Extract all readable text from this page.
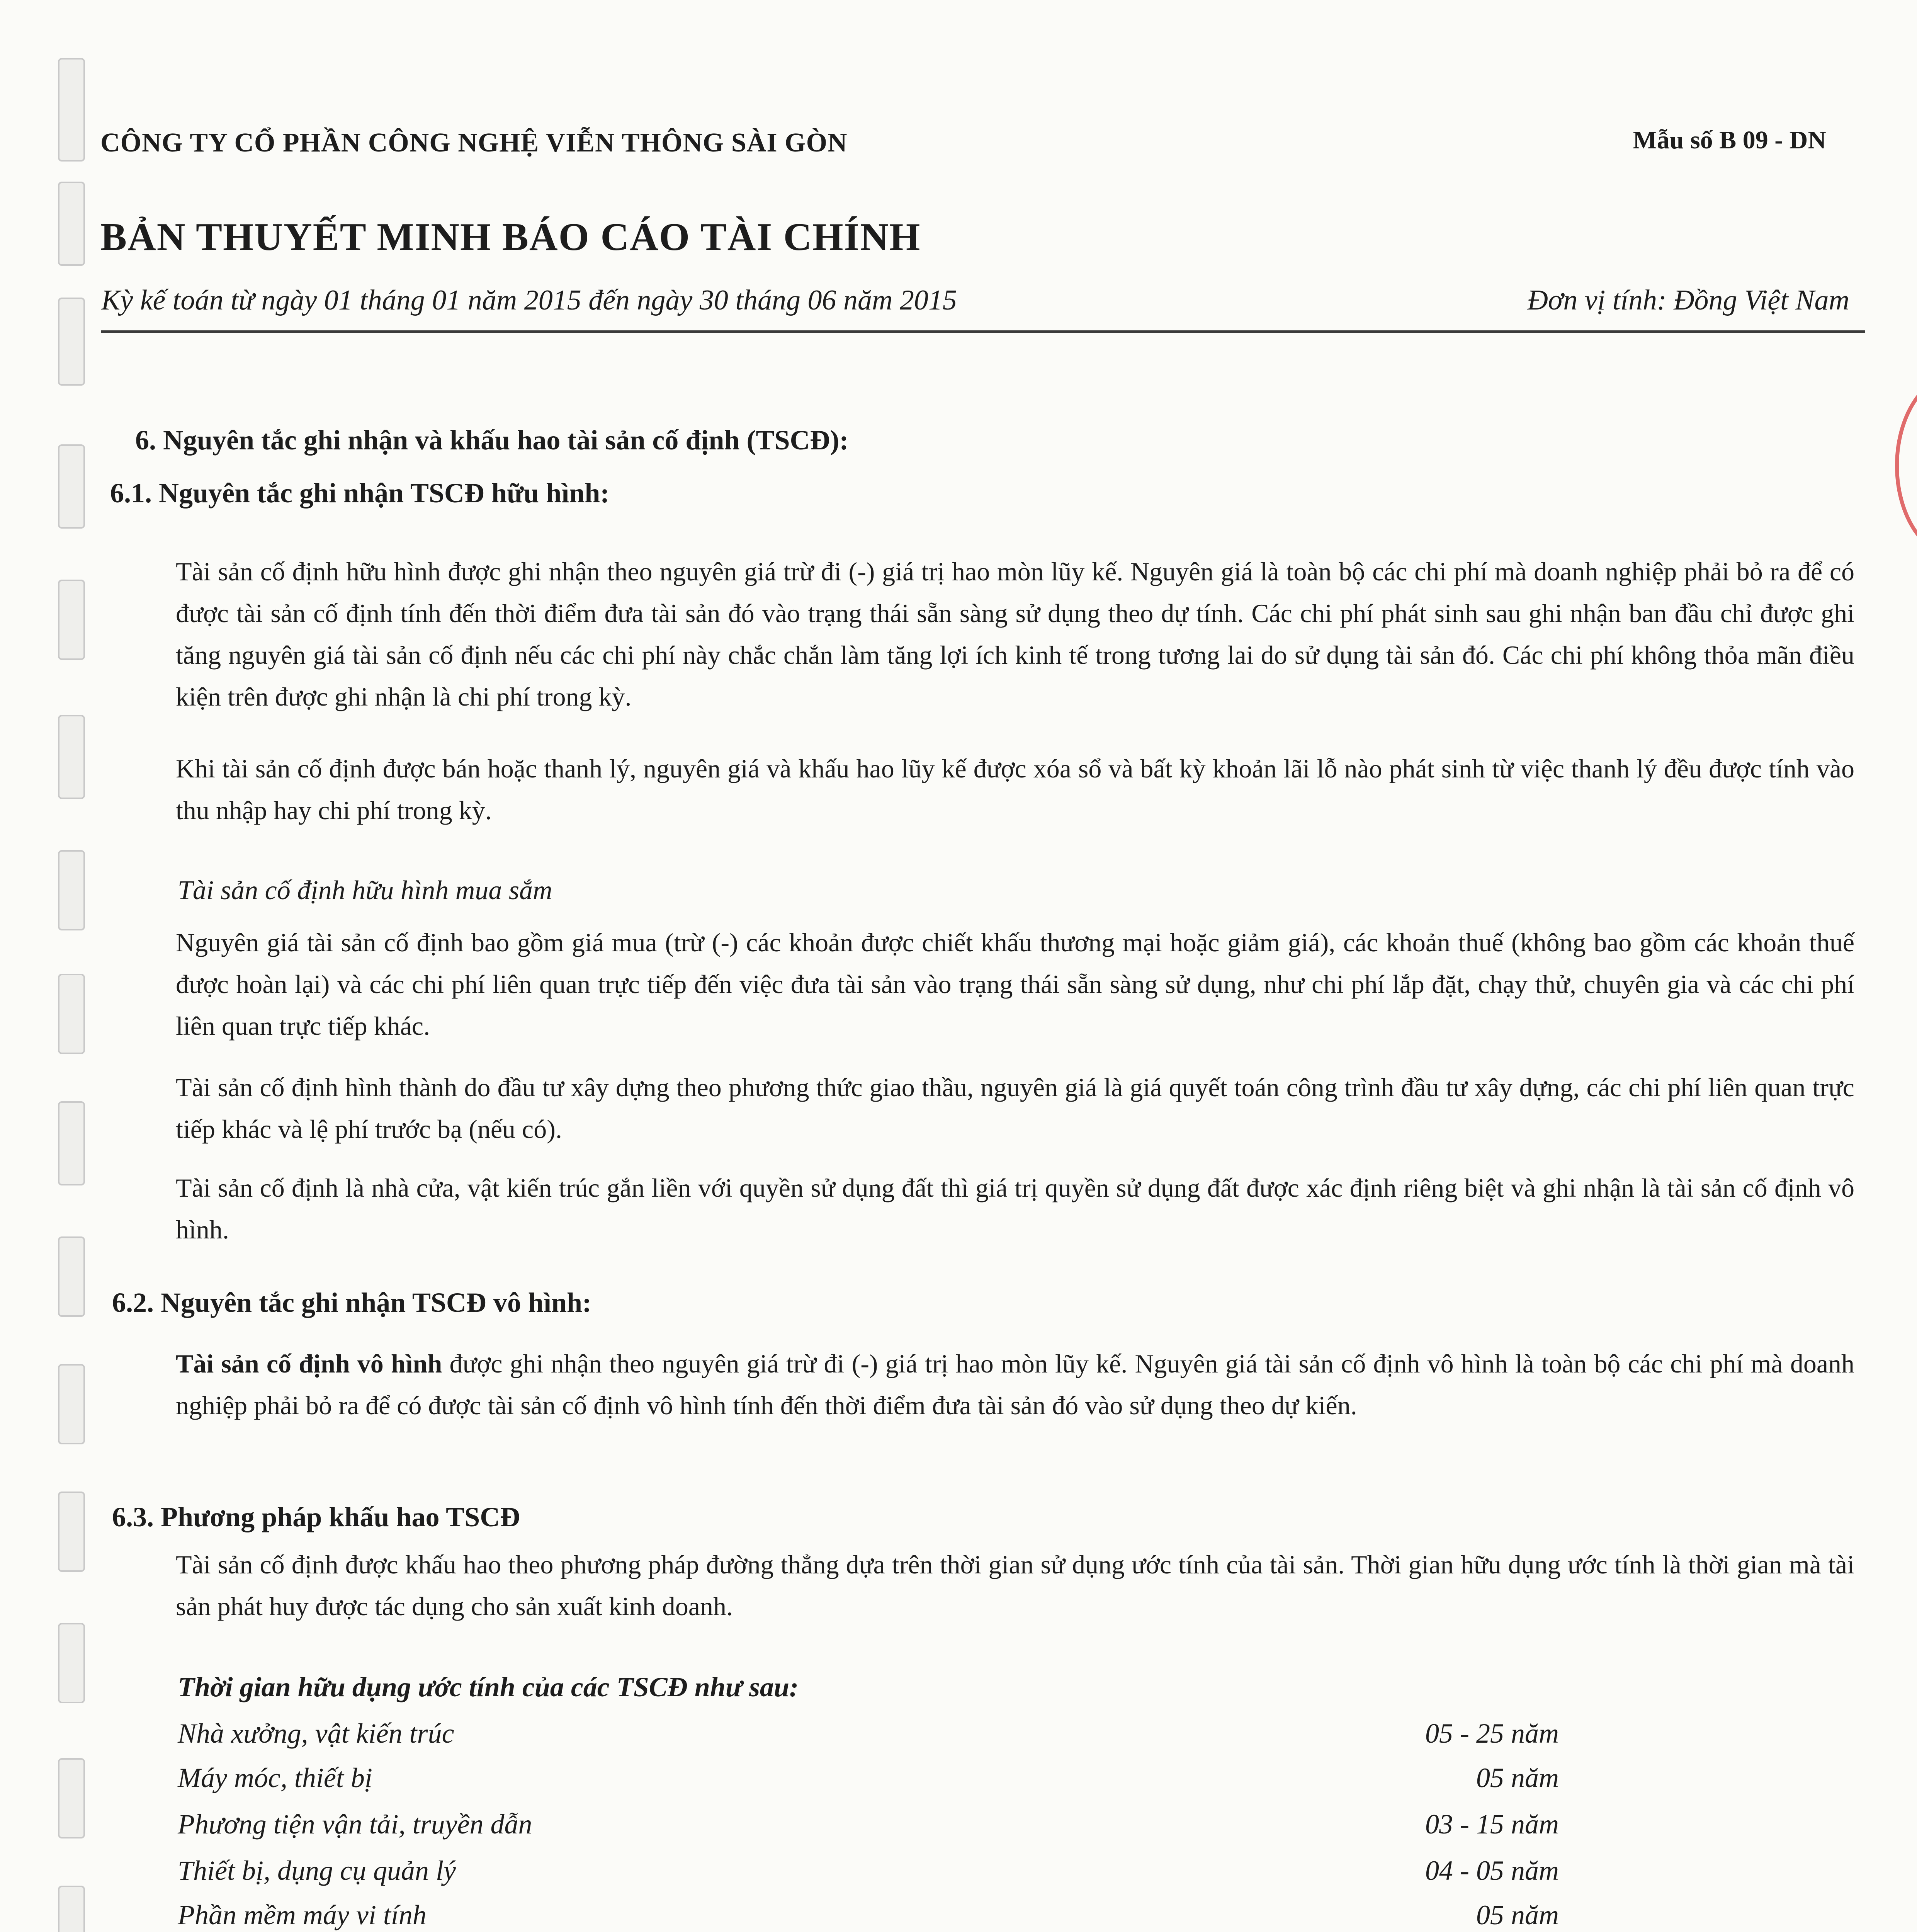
CÔNG TY CỔ PHẦN CÔNG NGHỆ VIỄN THÔNG SÀI GÒN	Mẫu số B 09 - DN
BẢN THUYẾT MINH BÁO CÁO TÀI CHÍNH
Kỳ kế toán từ ngày 01 tháng 01 năm 2015 đến ngày 30 tháng 06 năm 2015	Đơn vị tính: Đồng Việt Nam
6. Nguyên tắc ghi nhận và khấu hao tài sản cố định (TSCĐ):
6.1. Nguyên tắc ghi nhận TSCĐ hữu hình:
Tài sản cố định hữu hình được ghi nhận theo nguyên giá trừ đi (-) giá trị hao mòn lũy kế. Nguyên giá là toàn bộ các chi phí mà doanh nghiệp phải bỏ ra để có được tài sản cố định tính đến thời điểm đưa tài sản đó vào trạng thái sẵn sàng sử dụng theo dự tính. Các chi phí phát sinh sau ghi nhận ban đầu chỉ được ghi tăng nguyên giá tài sản cố định nếu các chi phí này chắc chắn làm tăng lợi ích kinh tế trong tương lai do sử dụng tài sản đó. Các chi phí không thỏa mãn điều kiện trên được ghi nhận là chi phí trong kỳ.
Khi tài sản cố định được bán hoặc thanh lý, nguyên giá và khấu hao lũy kế được xóa sổ và bất kỳ khoản lãi lỗ nào phát sinh từ việc thanh lý đều được tính vào thu nhập hay chi phí trong kỳ.
Tài sản cố định hữu hình mua sắm
Nguyên giá tài sản cố định bao gồm giá mua (trừ (-) các khoản được chiết khấu thương mại hoặc giảm giá), các khoản thuế (không bao gồm các khoản thuế được hoàn lại) và các chi phí liên quan trực tiếp đến việc đưa tài sản vào trạng thái sẵn sàng sử dụng, như chi phí lắp đặt, chạy thử, chuyên gia và các chi phí liên quan trực tiếp khác.
Tài sản cố định hình thành do đầu tư xây dựng theo phương thức giao thầu, nguyên giá là giá quyết toán công trình đầu tư xây dựng, các chi phí liên quan trực tiếp khác và lệ phí trước bạ (nếu có).
Tài sản cố định là nhà cửa, vật kiến trúc gắn liền với quyền sử dụng đất thì giá trị quyền sử dụng đất được xác định riêng biệt và ghi nhận là tài sản cố định vô hình.
6.2. Nguyên tắc ghi nhận TSCĐ vô hình:
Tài sản cố định vô hình được ghi nhận theo nguyên giá trừ đi (-) giá trị hao mòn lũy kế. Nguyên giá tài sản cố định vô hình là toàn bộ các chi phí mà doanh nghiệp phải bỏ ra để có được tài sản cố định vô hình tính đến thời điểm đưa tài sản đó vào sử dụng theo dự kiến.
6.3. Phương pháp khấu hao TSCĐ
Tài sản cố định được khấu hao theo phương pháp đường thẳng dựa trên thời gian sử dụng ước tính của tài sản. Thời gian hữu dụng ước tính là thời gian mà tài sản phát huy được tác dụng cho sản xuất kinh doanh.
Thời gian hữu dụng ước tính của các TSCĐ như sau:
Nhà xưởng, vật kiến trúc	05 - 25 năm
Máy móc, thiết bị	05 năm
Phương tiện vận tải, truyền dẫn	03 - 15 năm
Thiết bị, dụng cụ quản lý	04 - 05 năm
Phần mềm máy vi tính	05 năm
